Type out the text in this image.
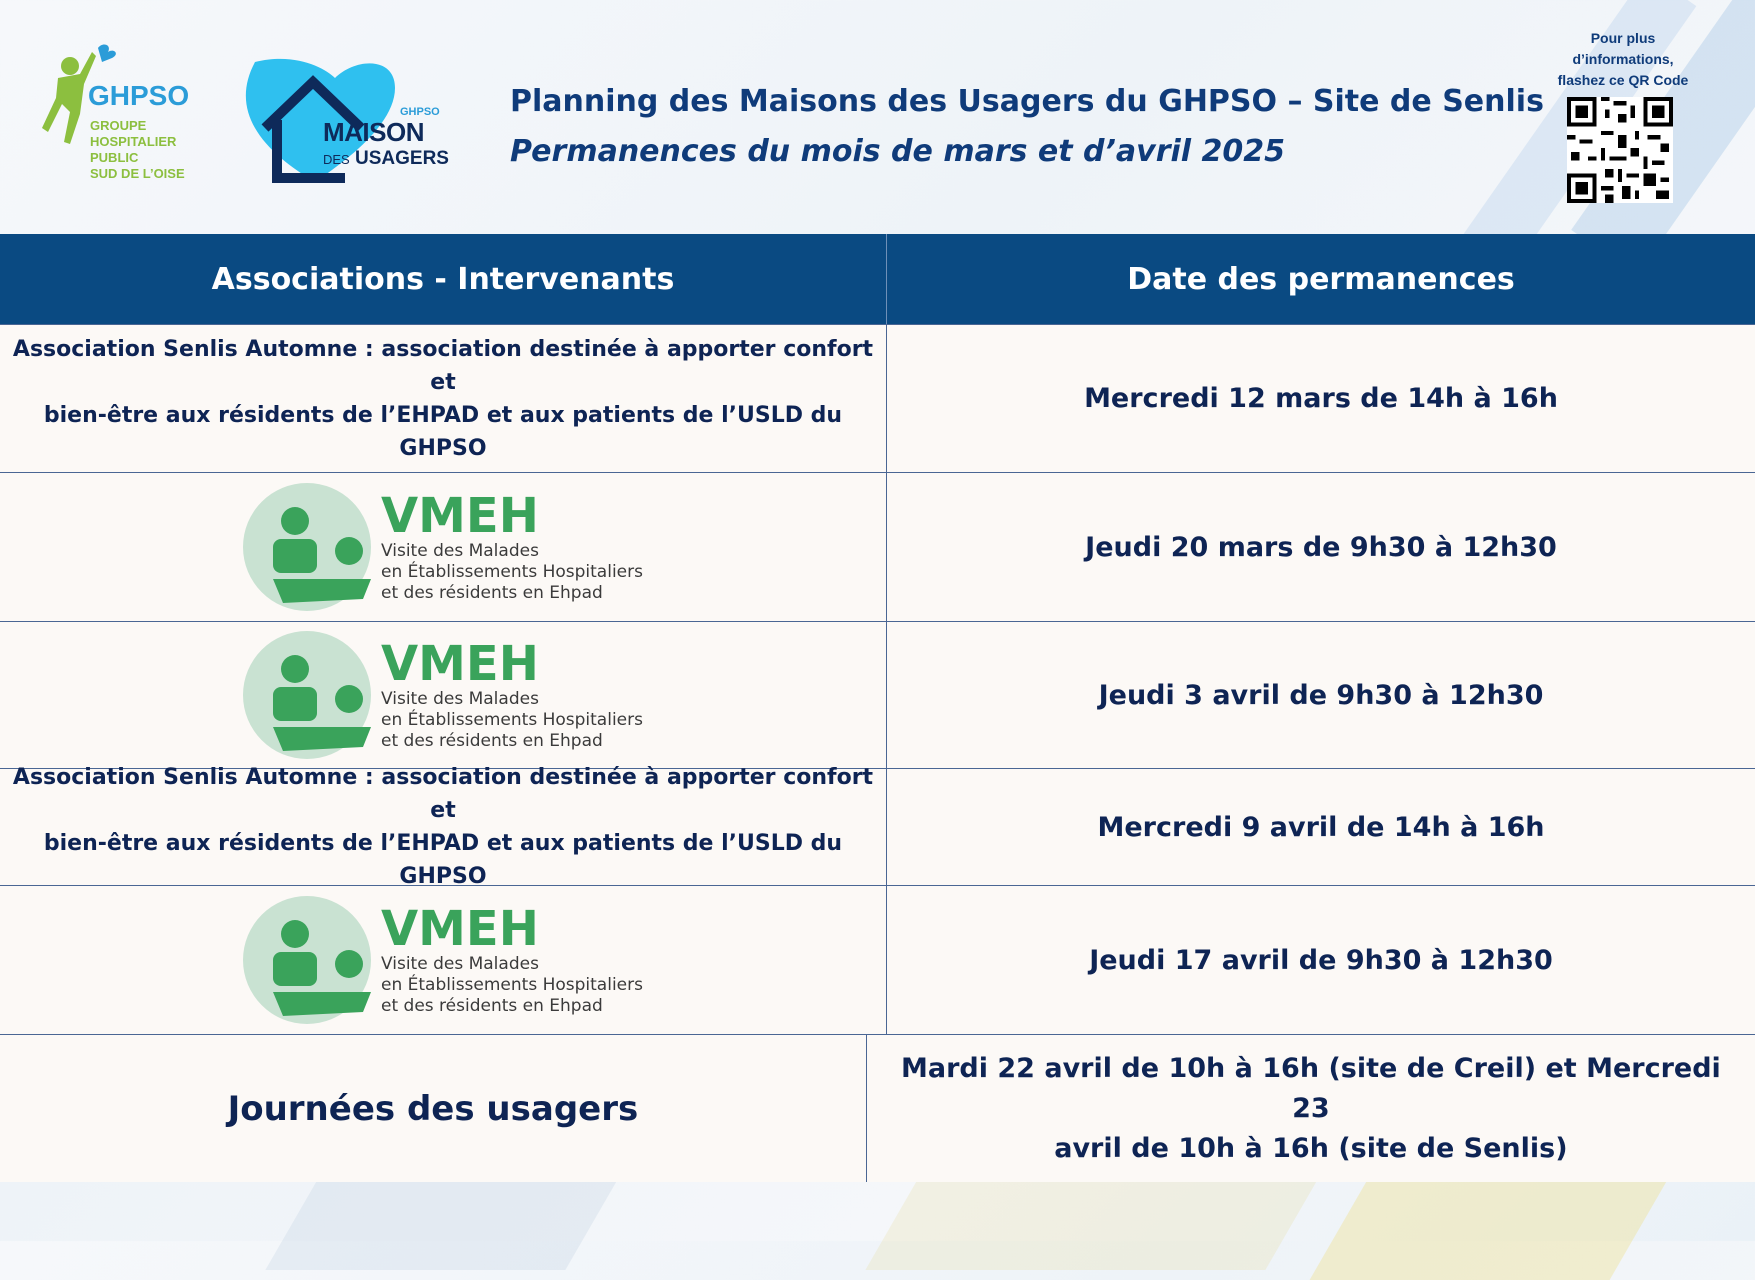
GHPSO
GROUPE
HOSPITALIER
PUBLIC
SUD DE L’OISE
GHPSO
MAISON
DES USAGERS
Planning des Maisons des Usagers du GHPSO – Site de Senlis
Permanences du mois de mars et d’avril 2025
Pour plus
d’informations,
flashez ce QR Code
Associations - Intervenants	Date des permanences
Association Senlis Automne : association destinée à apporter confort et
bien-être aux résidents de l’EHPAD et aux patients de l’USLD du GHPSO
Mercredi 12 mars de 14h à 16h
VMEH
Visite des Malades
en Établissements Hospitaliers
et des résidents en Ehpad
Jeudi 20 mars de 9h30 à 12h30
VMEH
Visite des Malades
en Établissements Hospitaliers
et des résidents en Ehpad
Jeudi 3 avril de 9h30 à 12h30
Association Senlis Automne : association destinée à apporter confort et
bien-être aux résidents de l’EHPAD et aux patients de l’USLD du GHPSO
Mercredi 9 avril de 14h à 16h
VMEH
Visite des Malades
en Établissements Hospitaliers
et des résidents en Ehpad
Jeudi 17 avril de 9h30 à 12h30
Journées des usagers
Mardi 22 avril de 10h à 16h (site de Creil) et Mercredi 23
avril de 10h à 16h (site de Senlis)
